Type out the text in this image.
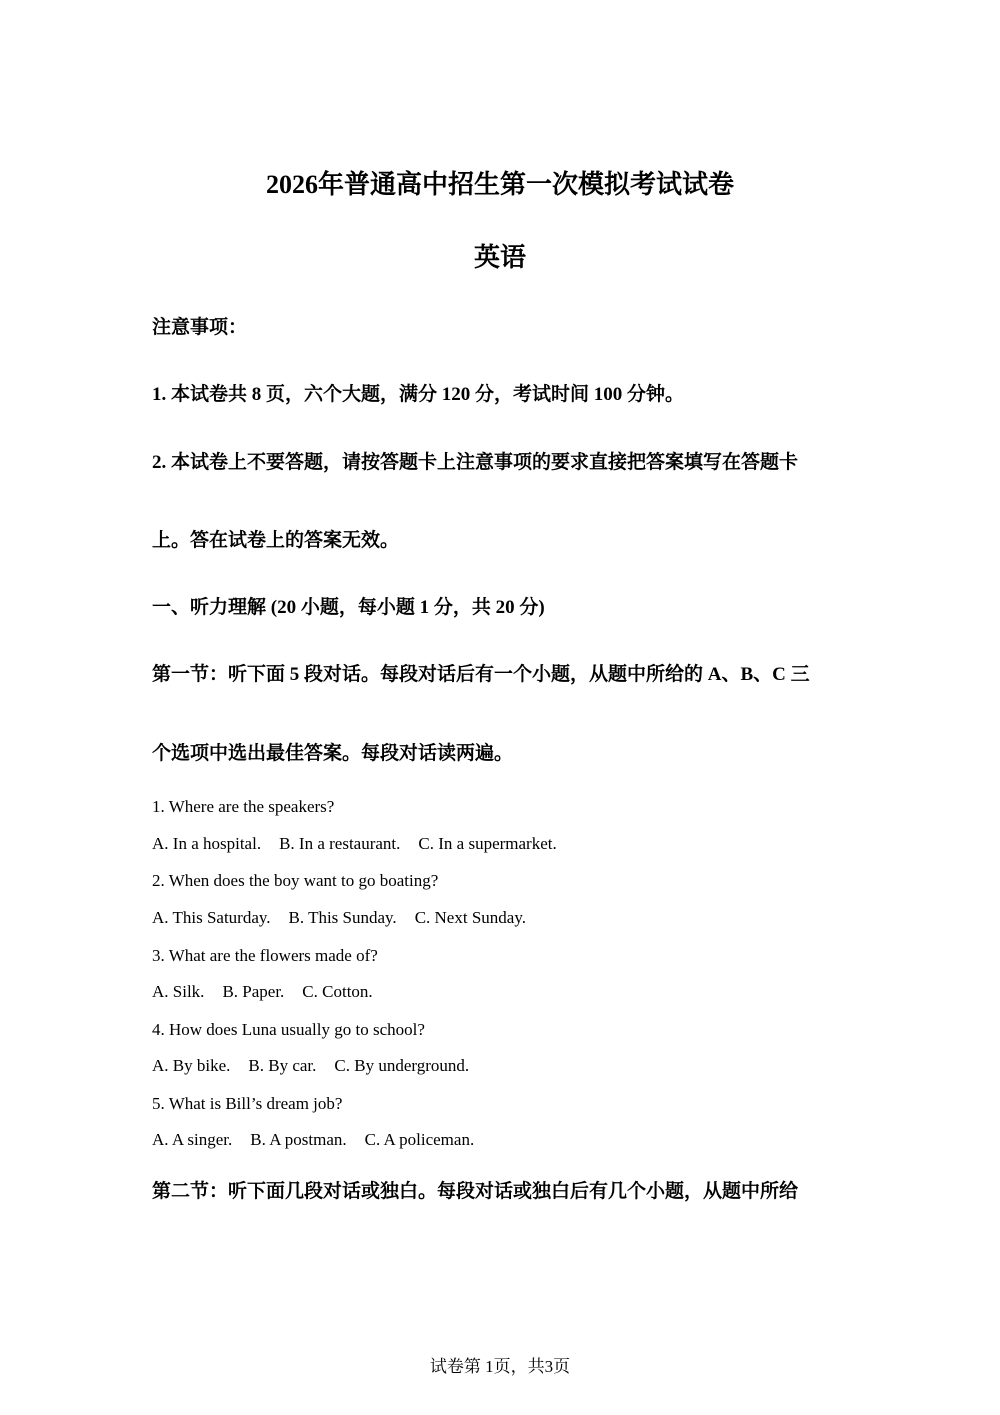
2026年普通高中招生第一次模拟考试试卷
英语
注意事项：
1. 本试卷共 8 页，六个大题，满分 120 分，考试时间 100 分钟。
2. 本试卷上不要答题，请按答题卡上注意事项的要求直接把答案填写在答题卡
上。答在试卷上的答案无效。
一、听力理解 (20 小题，每小题 1 分，共 20 分)
第一节：听下面 5 段对话。每段对话后有一个小题，从题中所给的 A、B、C 三
个选项中选出最佳答案。每段对话读两遍。
1. Where are the speakers?
A. In a hospital. B. In a restaurant. C. In a supermarket.
2. When does the boy want to go boating?
A. This Saturday. B. This Sunday. C. Next Sunday.
3. What are the flowers made of?
A. Silk. B. Paper. C. Cotton.
4. How does Luna usually go to school?
A. By bike. B. By car. C. By underground.
5. What is Bill’s dream job?
A. A singer. B. A postman. C. A policeman.
第二节：听下面几段对话或独白。每段对话或独白后有几个小题，从题中所给
试卷第 1页，共3页
